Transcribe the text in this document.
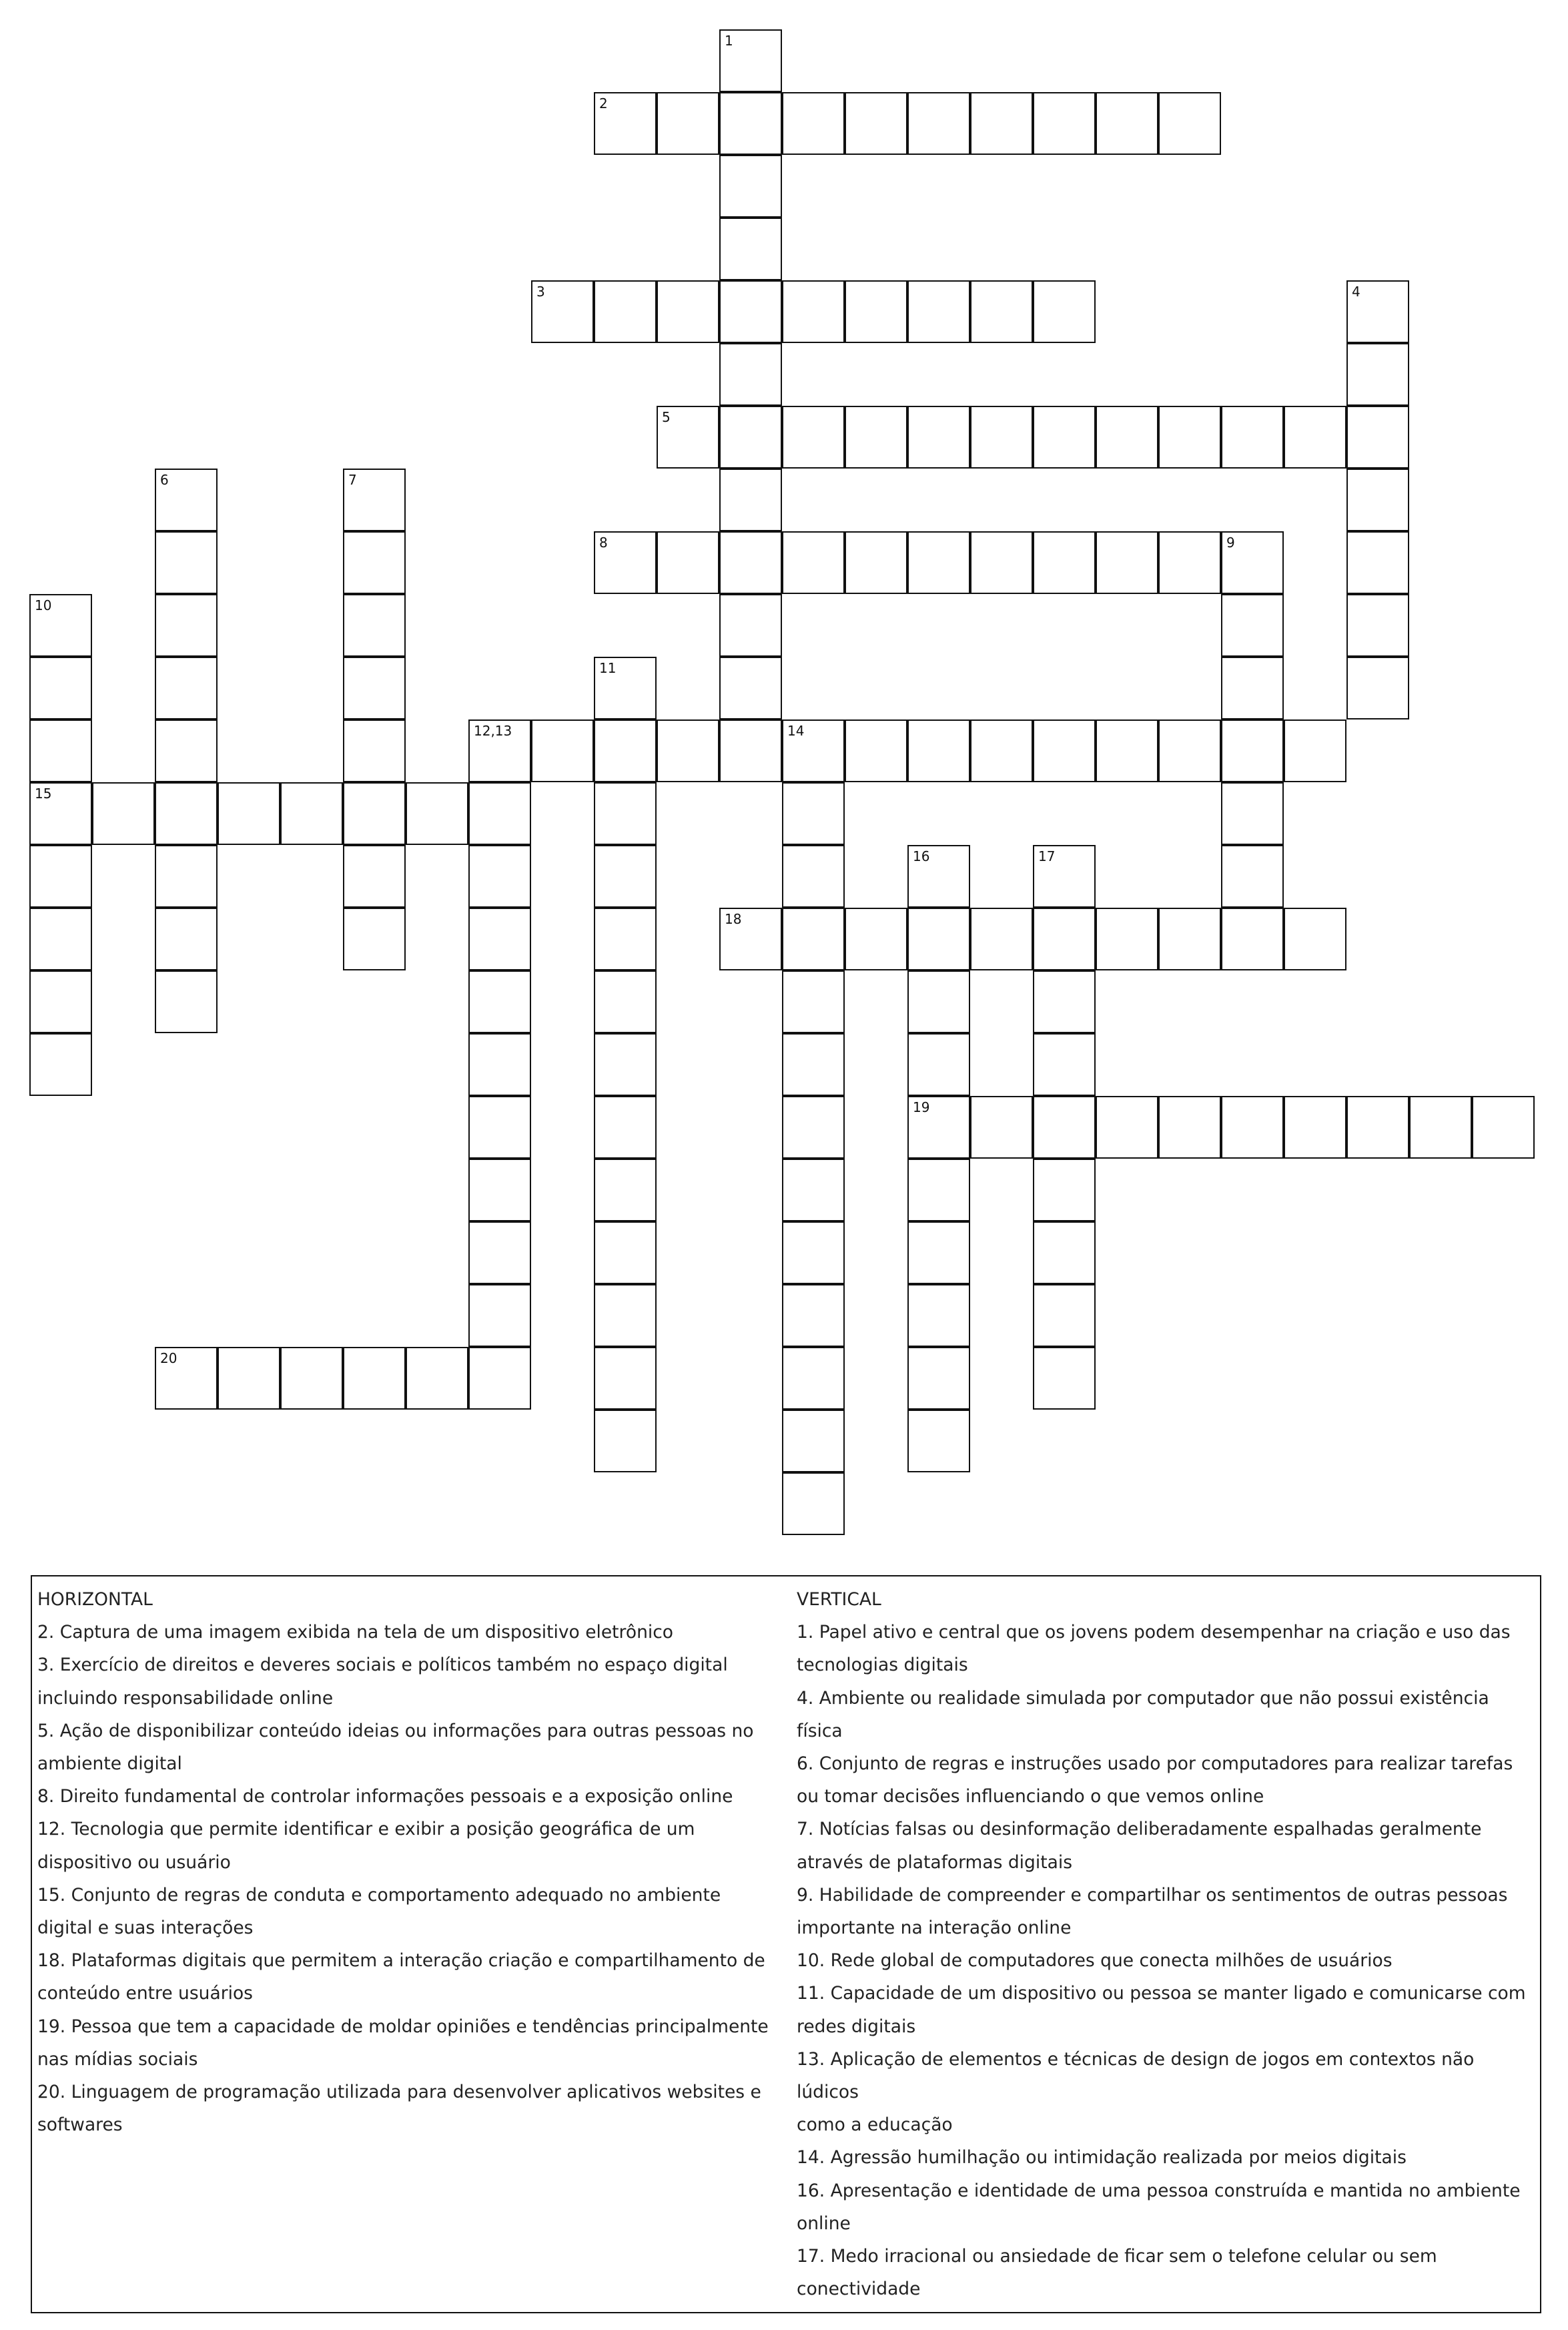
1
2
3	4
5
6	7
8	9
10
11
12,13	14
15
16	17
18
19
20
HORIZONTAL
2. Captura de uma imagem exibida na tela de um dispositivo eletrônico
3. Exercício de direitos e deveres sociais e políticos também no espaço digital
incluindo responsabilidade online
5. Ação de disponibilizar conteúdo ideias ou informações para outras pessoas no
ambiente digital
8. Direito fundamental de controlar informações pessoais e a exposição online
12. Tecnologia que permite identificar e exibir a posição geográfica de um
dispositivo ou usuário
15. Conjunto de regras de conduta e comportamento adequado no ambiente
digital e suas interações
18. Plataformas digitais que permitem a interação criação e compartilhamento de
conteúdo entre usuários
19. Pessoa que tem a capacidade de moldar opiniões e tendências principalmente
nas mídias sociais
20. Linguagem de programação utilizada para desenvolver aplicativos websites e
softwares
VERTICAL
1. Papel ativo e central que os jovens podem desempenhar na criação e uso das
tecnologias digitais
4. Ambiente ou realidade simulada por computador que não possui existência
física
6. Conjunto de regras e instruções usado por computadores para realizar tarefas
ou tomar decisões influenciando o que vemos online
7. Notícias falsas ou desinformação deliberadamente espalhadas geralmente
através de plataformas digitais
9. Habilidade de compreender e compartilhar os sentimentos de outras pessoas
importante na interação online
10. Rede global de computadores que conecta milhões de usuários
11. Capacidade de um dispositivo ou pessoa se manter ligado e comunicarse com
redes digitais
13. Aplicação de elementos e técnicas de design de jogos em contextos não lúdicos
como a educação
14. Agressão humilhação ou intimidação realizada por meios digitais
16. Apresentação e identidade de uma pessoa construída e mantida no ambiente
online
17. Medo irracional ou ansiedade de ficar sem o telefone celular ou sem
conectividade
